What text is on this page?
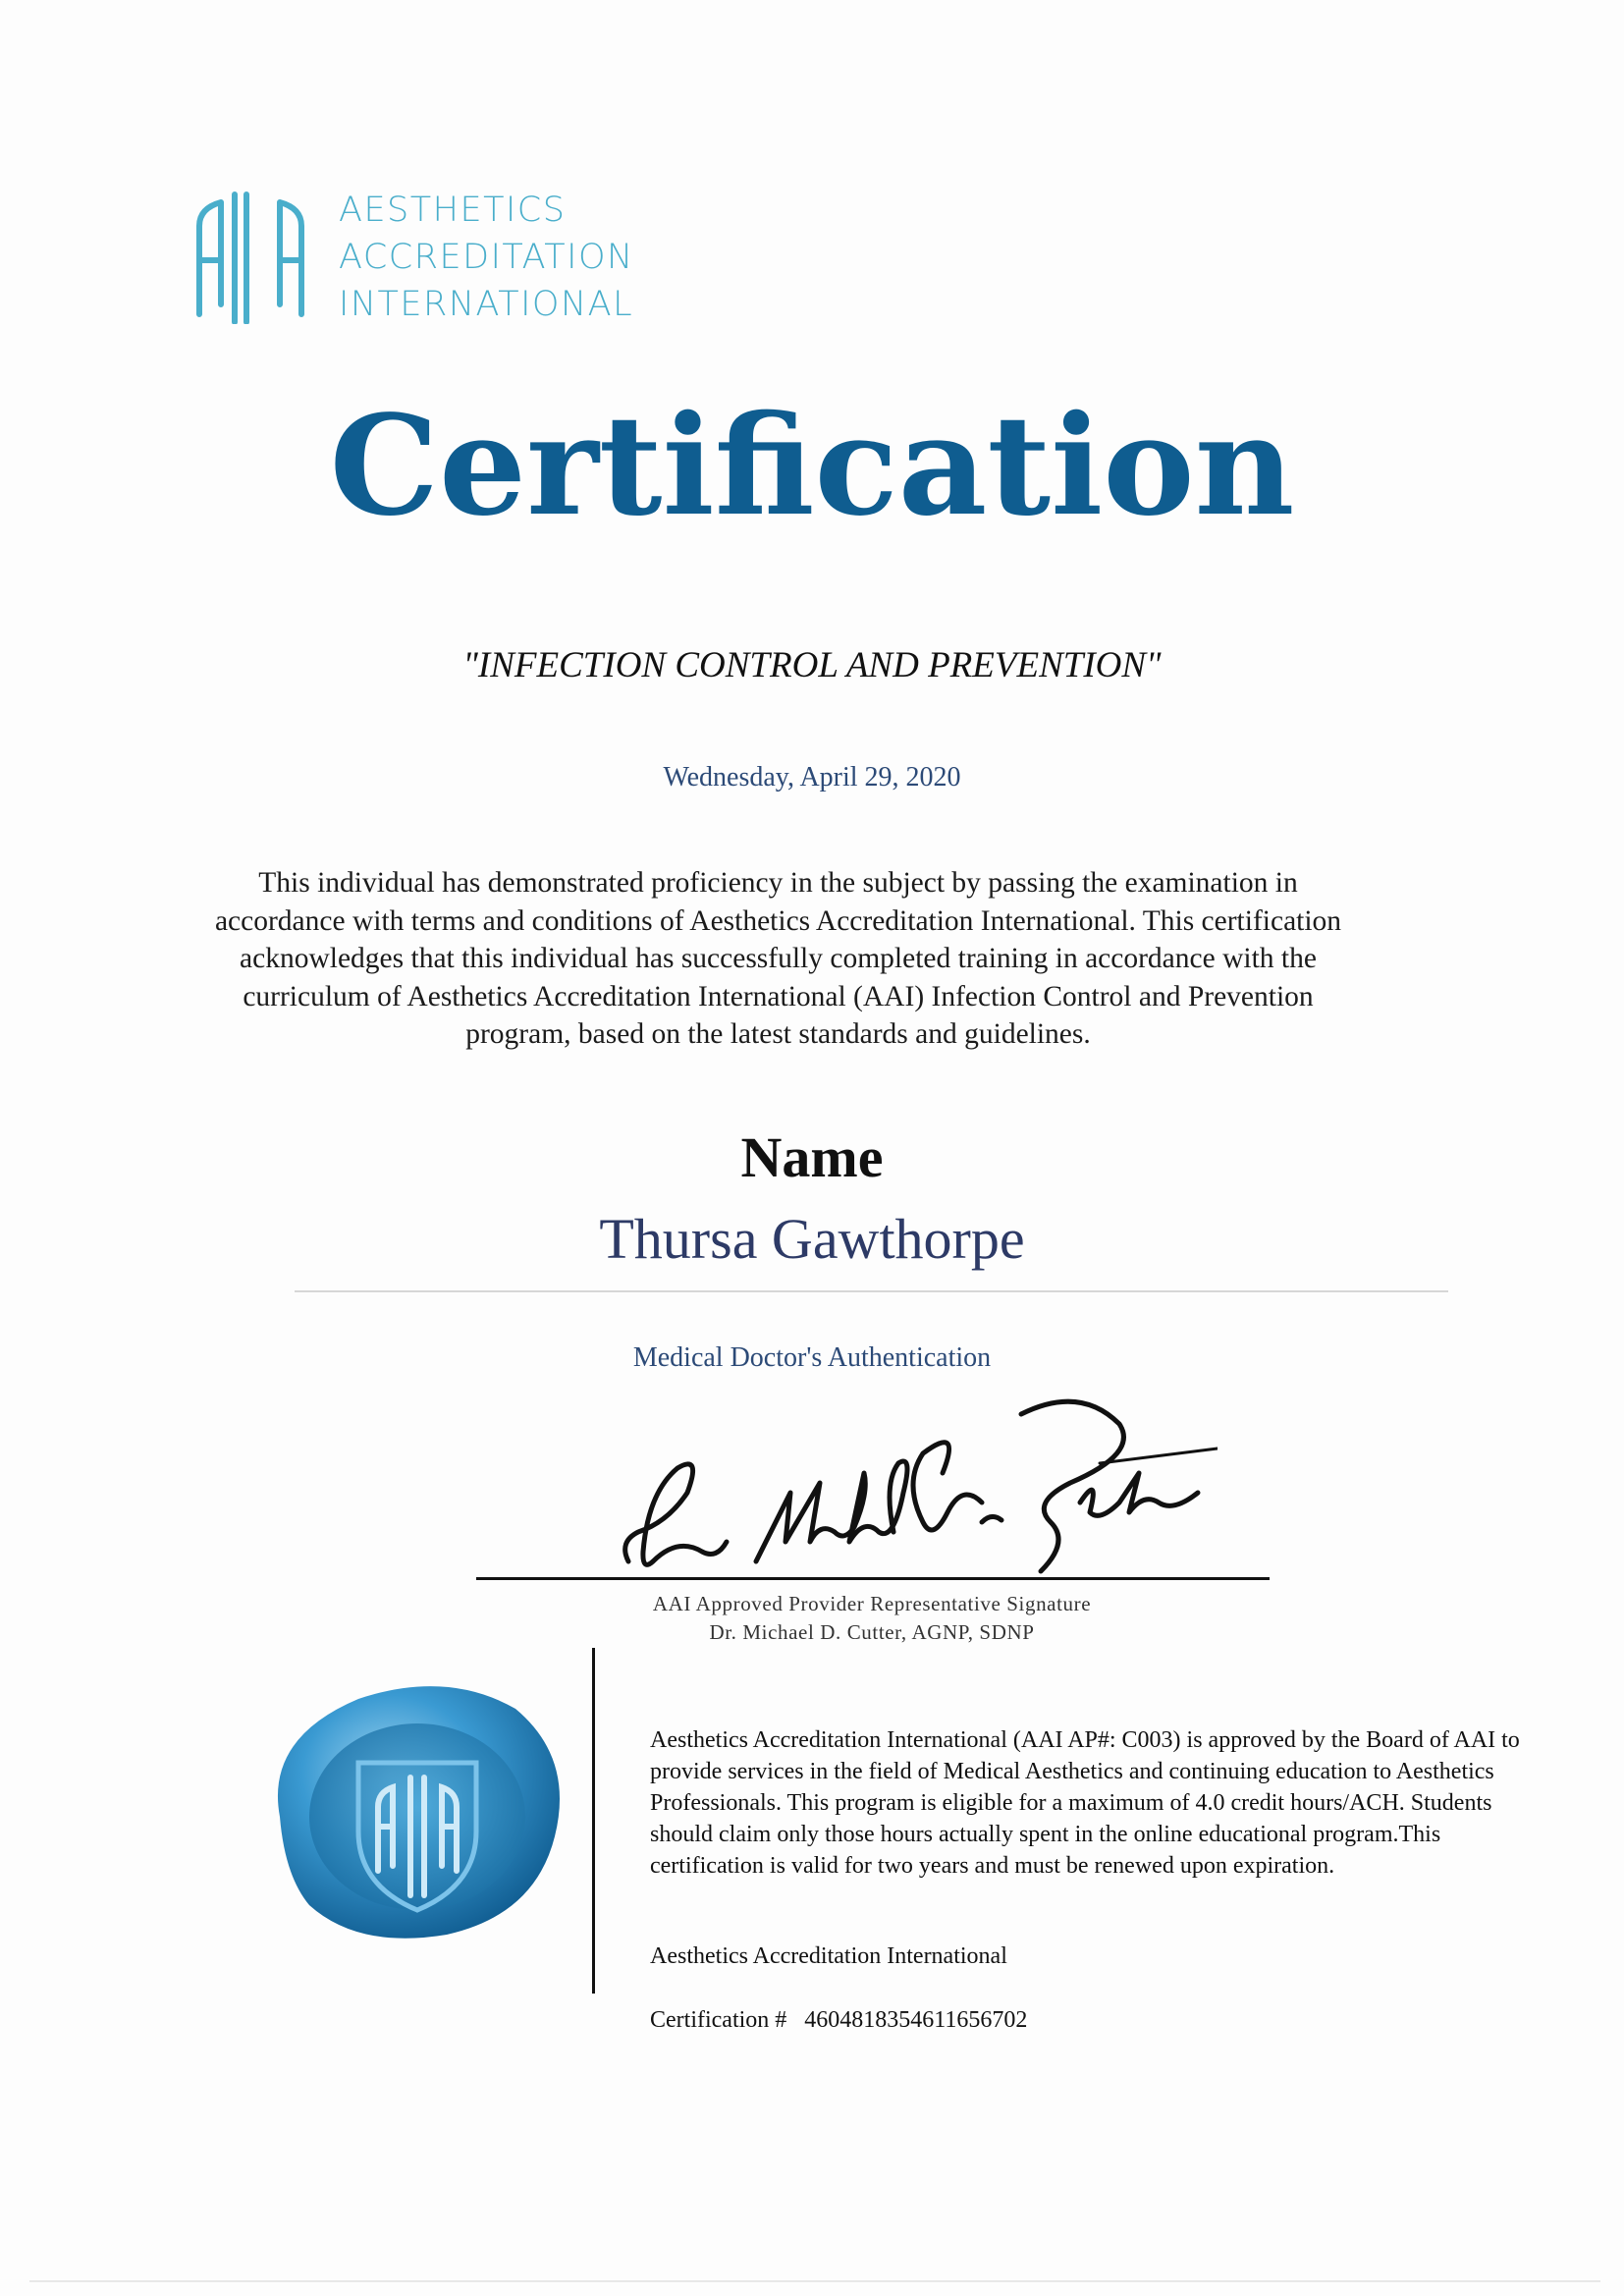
AESTHETICS
ACCREDITATION
INTERNATIONAL
Certification
"INFECTION CONTROL AND PREVENTION"
Wednesday, April 29, 2020
This individual has demonstrated proficiency in the subject by passing the examination in accordance with terms and conditions of Aesthetics Accreditation International. This certification acknowledges that this individual has successfully completed training in accordance with the curriculum of Aesthetics Accreditation International (AAI) Infection Control and Prevention program, based on the latest standards and guidelines.
Name
Thursa Gawthorpe
Medical Doctor's Authentication
AAI Approved Provider Representative Signature
Dr. Michael D. Cutter, AGNP, SDNP
Aesthetics Accreditation International (AAI AP#: C003) is approved by the Board of AAI to provide services in the field of Medical Aesthetics and continuing education to Aesthetics Professionals. This program is eligible for a maximum of 4.0 credit hours/ACH. Students should claim only those hours actually spent in the online educational program.This certification is valid for two years and must be renewed upon expiration.
Aesthetics Accreditation International
Certification # 4604818354611656702
